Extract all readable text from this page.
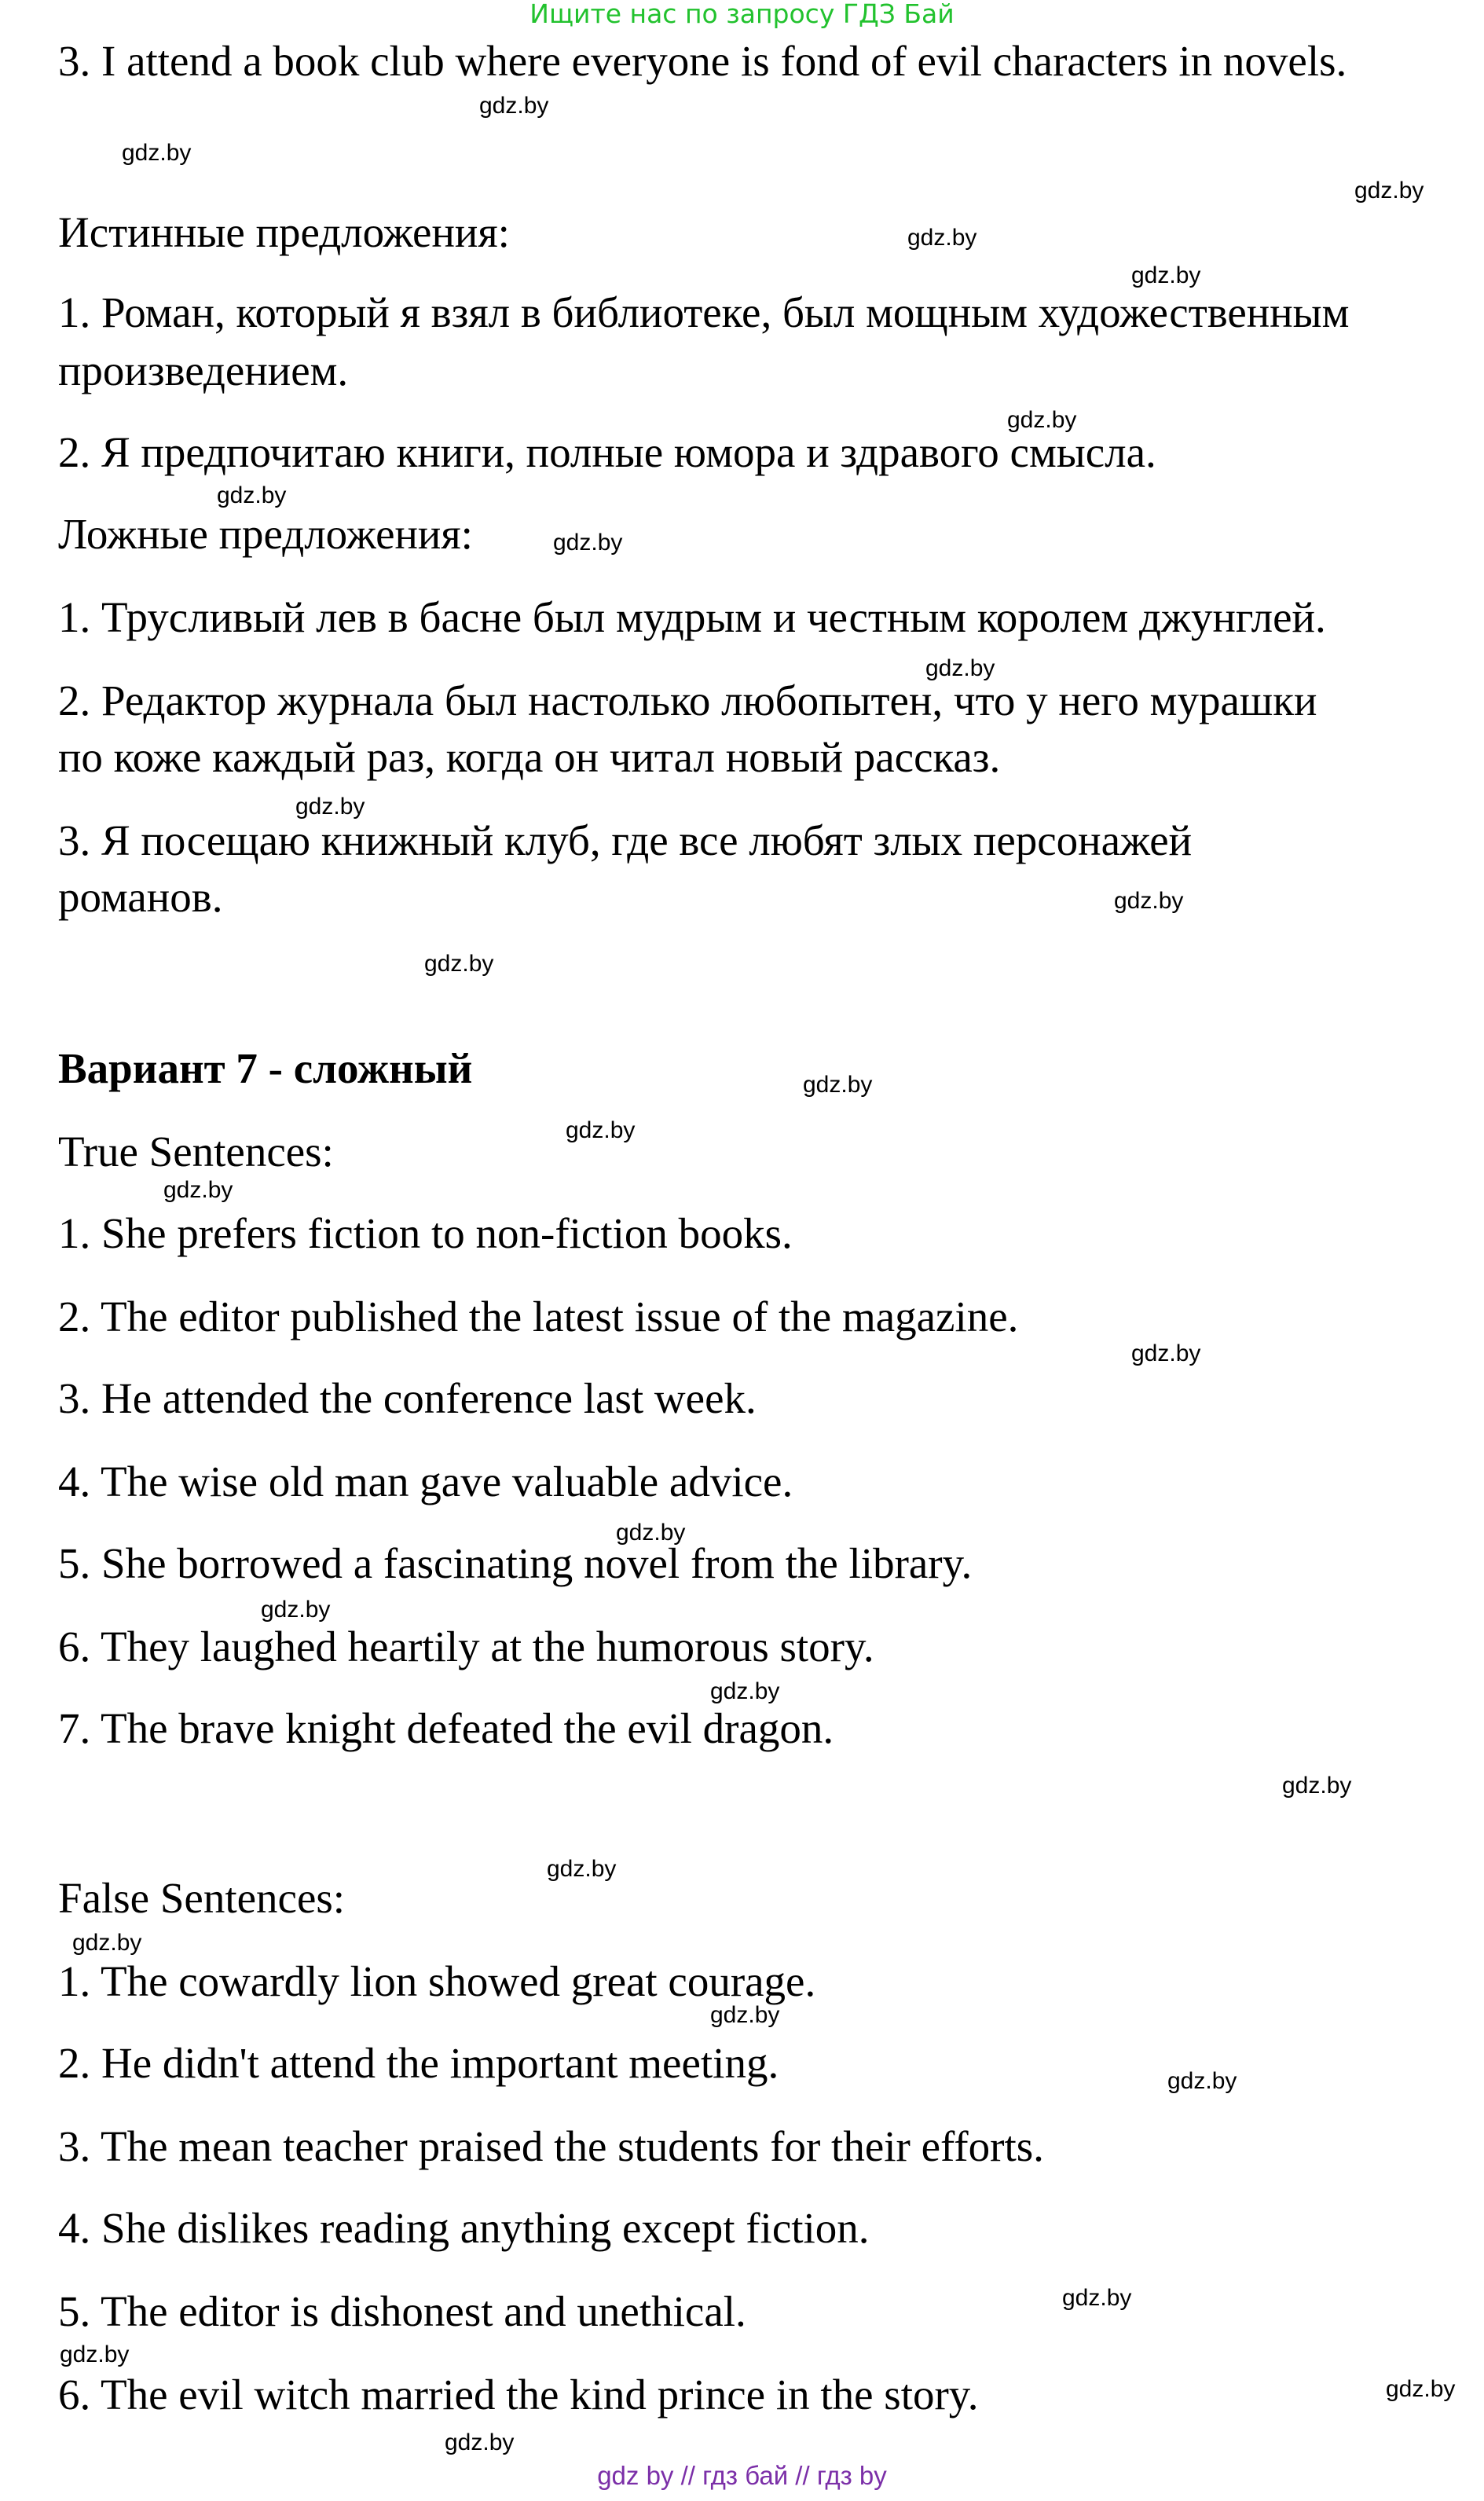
Ищите нас по запросу ГДЗ Бай
3. I attend a book club where everyone is fond of evil characters in novels.
Истинные предложения:
1. Роман, который я взял в библиотеке, был мощным художественным
произведением.
2. Я предпочитаю книги, полные юмора и здравого смысла.
Ложные предложения:
1. Трусливый лев в басне был мудрым и честным королем джунглей.
2. Редактор журнала был настолько любопытен, что у него мурашки
по коже каждый раз, когда он читал новый рассказ.
3. Я посещаю книжный клуб, где все любят злых персонажей
романов.
Вариант 7 - сложный
True Sentences:
1. She prefers fiction to non-fiction books.
2. The editor published the latest issue of the magazine.
3. He attended the conference last week.
4. The wise old man gave valuable advice.
5. She borrowed a fascinating novel from the library.
6. They laughed heartily at the humorous story.
7. The brave knight defeated the evil dragon.
False Sentences:
1. The cowardly lion showed great courage.
2. He didn't attend the important meeting.
3. The mean teacher praised the students for their efforts.
4. She dislikes reading anything except fiction.
5. The editor is dishonest and unethical.
6. The evil witch married the kind prince in the story.
gdz.by
gdz.by
gdz.by
gdz.by
gdz.by
gdz.by
gdz.by
gdz.by
gdz.by
gdz.by
gdz.by
gdz.by
gdz.by
gdz.by
gdz.by
gdz.by
gdz.by
gdz.by
gdz.by
gdz.by
gdz.by
gdz.by
gdz.by
gdz.by
gdz.by
gdz.by
gdz.by
gdz.by
gdz by // гдз бай // гдз by
